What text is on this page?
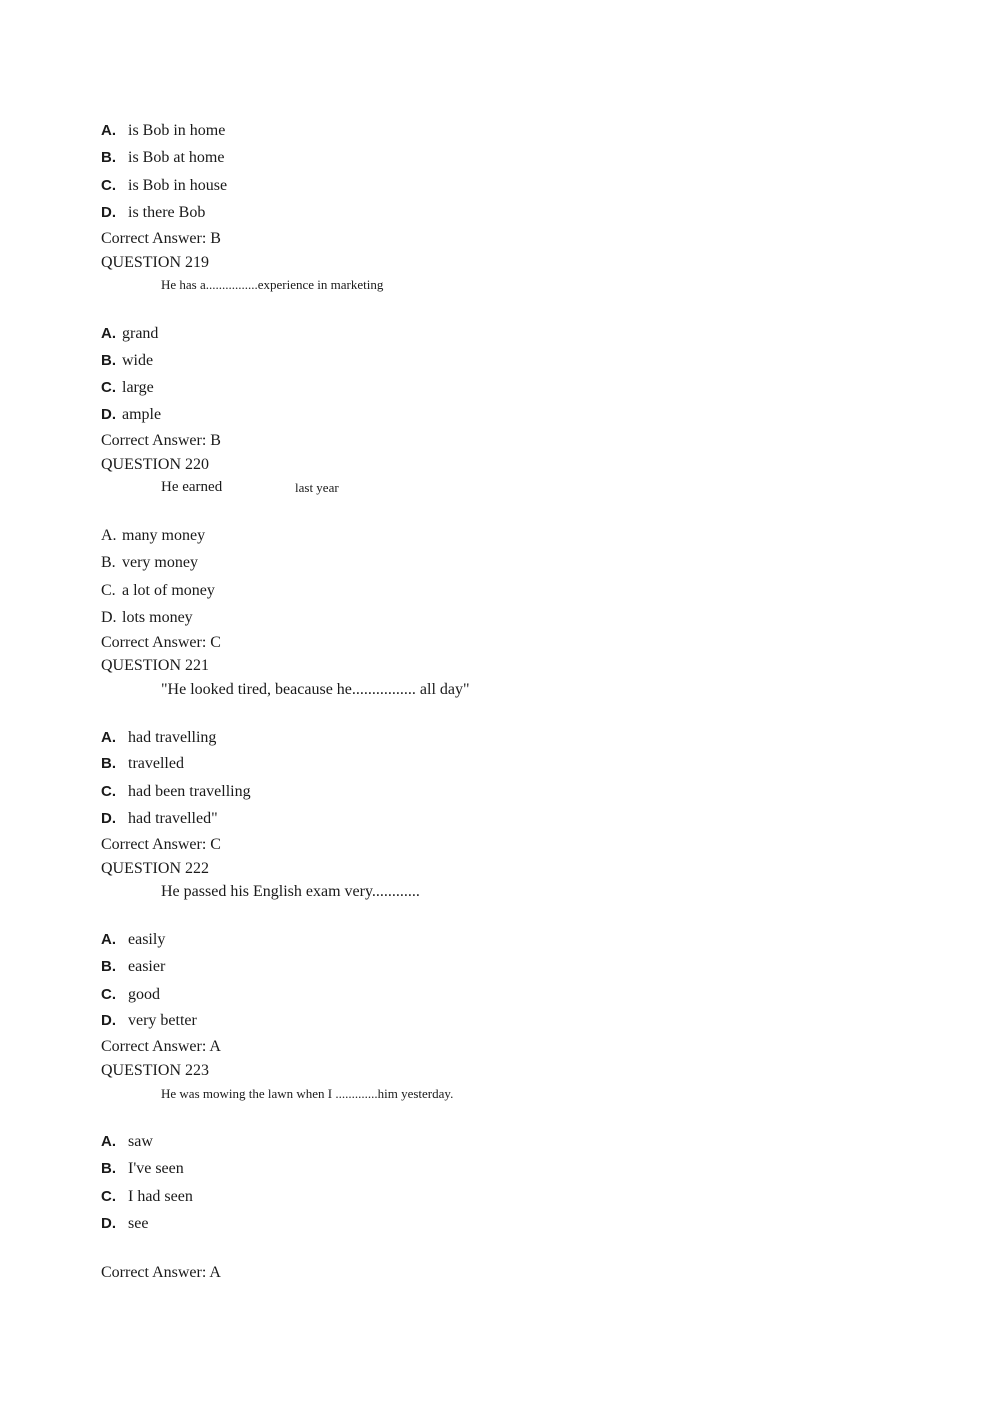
A. is Bob in home
B. is Bob at home
C. is Bob in house
D. is there Bob
Correct Answer: B
QUESTION 219
He has a................experience in marketing
A. grand
B. wide
C. large
D. ample
Correct Answer: B
QUESTION 220
He earned	last year
A. many money
B. very money
C. a lot of money
D. lots money
Correct Answer: C
QUESTION 221
"He looked tired, beacause he................ all day"
A. had travelling
B. travelled
C. had been travelling
D. had travelled"
Correct Answer: C
QUESTION 222
He passed his English exam very............
A. easily
B. easier
C. good
D. very better
Correct Answer: A
QUESTION 223
He was mowing the lawn when I .............him yesterday.
A. saw
B. I've seen
C. I had seen
D. see
Correct Answer: A
